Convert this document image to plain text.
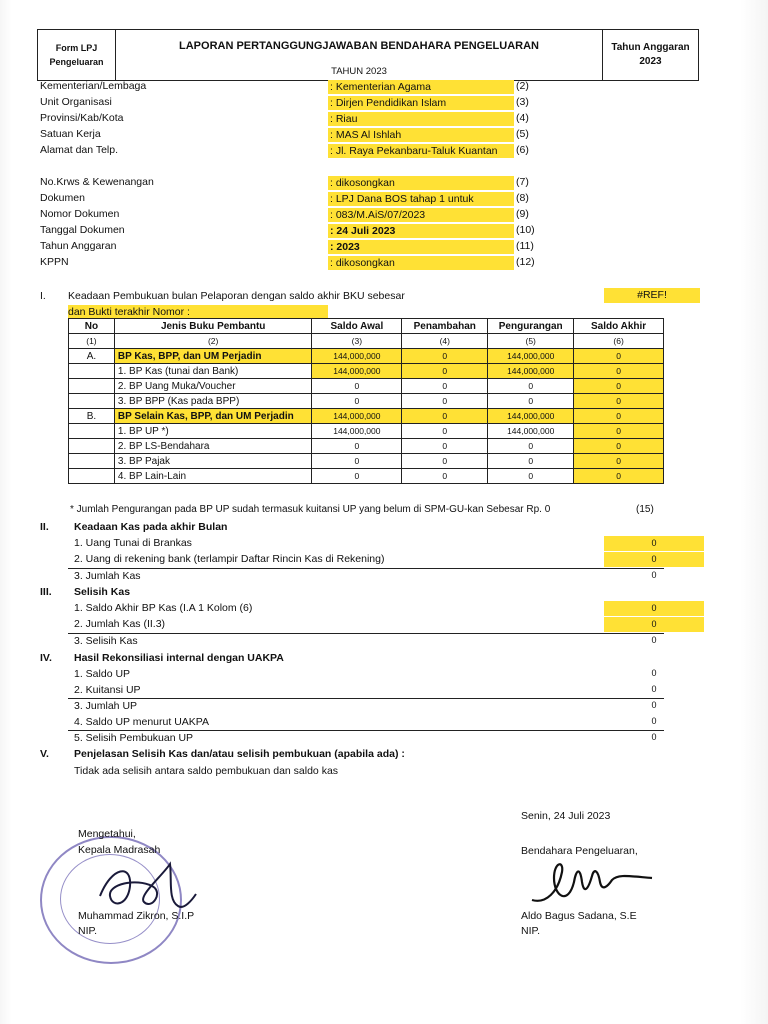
Form LPJ
Pengeluaran
LAPORAN PERTANGGUNGJAWABAN BENDAHARA PENGELUARAN
TAHUN 2023
Tahun Anggaran
2023
Kementerian/Lembaga	: Kementerian Agama	(2)
Unit Organisasi	: Dirjen Pendidikan Islam	(3)
Provinsi/Kab/Kota	: Riau	(4)
Satuan Kerja	: MAS Al Ishlah	(5)
Alamat dan Telp.	: Jl. Raya Pekanbaru-Taluk Kuantan	(6)
No.Krws & Kewenangan	: dikosongkan	(7)
Dokumen	: LPJ Dana BOS tahap 1 untuk	(8)
Nomor Dokumen	: 083/M.AiS/07/2023	(9)
Tanggal Dokumen	: 24 Juli 2023	(10)
Tahun Anggaran	: 2023	(11)
KPPN	: dikosongkan	(12)
I. Keadaan Pembukuan bulan Pelaporan dengan saldo akhir BKU sebesar	#REF!
dan Bukti terakhir Nomor :
No	Jenis Buku Pembantu	Saldo Awal	Penambahan	Pengurangan	Saldo Akhir
(1)	(2)	(3)	(4)	(5)	(6)
A.	BP Kas, BPP, dan UM Perjadin	144,000,000	0	144,000,000	0
	1. BP Kas (tunai dan Bank)	144,000,000	0	144,000,000	0
	2. BP Uang Muka/Voucher	0	0	0	0
	3. BP BPP (Kas pada BPP)	0	0	0	0
B.	BP Selain Kas, BPP, dan UM Perjadin	144,000,000	0	144,000,000	0
	1. BP UP *)	144,000,000	0	144,000,000	0
	2. BP LS-Bendahara	0	0	0	0
	3. BP Pajak	0	0	0	0
	4. BP Lain-Lain	0	0	0	0
* Jumlah Pengurangan pada BP UP sudah termasuk kuitansi UP yang belum di SPM-GU-kan Sebesar Rp. 0	(15)
II. Keadaan Kas pada akhir Bulan
1. Uang Tunai di Brankas	0
2. Uang di rekening bank (terlampir Daftar Rincin Kas di Rekening)	0
3. Jumlah Kas	0
III. Selisih Kas
1. Saldo Akhir BP Kas (I.A 1 Kolom (6)	0
2. Jumlah Kas (II.3)	0
3. Selisih Kas	0
IV. Hasil Rekonsiliasi internal dengan UAKPA
1. Saldo UP	0
2. Kuitansi UP	0
3. Jumlah UP	0
4. Saldo UP menurut UAKPA	0
5. Selisih Pembukuan UP	0
V. Penjelasan Selisih Kas dan/atau selisih pembukuan (apabila ada) :
Tidak ada selisih antara saldo pembukuan dan saldo kas
Senin, 24 Juli 2023
Mengetahui,
Kepala Madrasah
Muhammad Zikron, S.I.P
NIP.
Bendahara Pengeluaran,
Aldo Bagus Sadana, S.E
NIP.
